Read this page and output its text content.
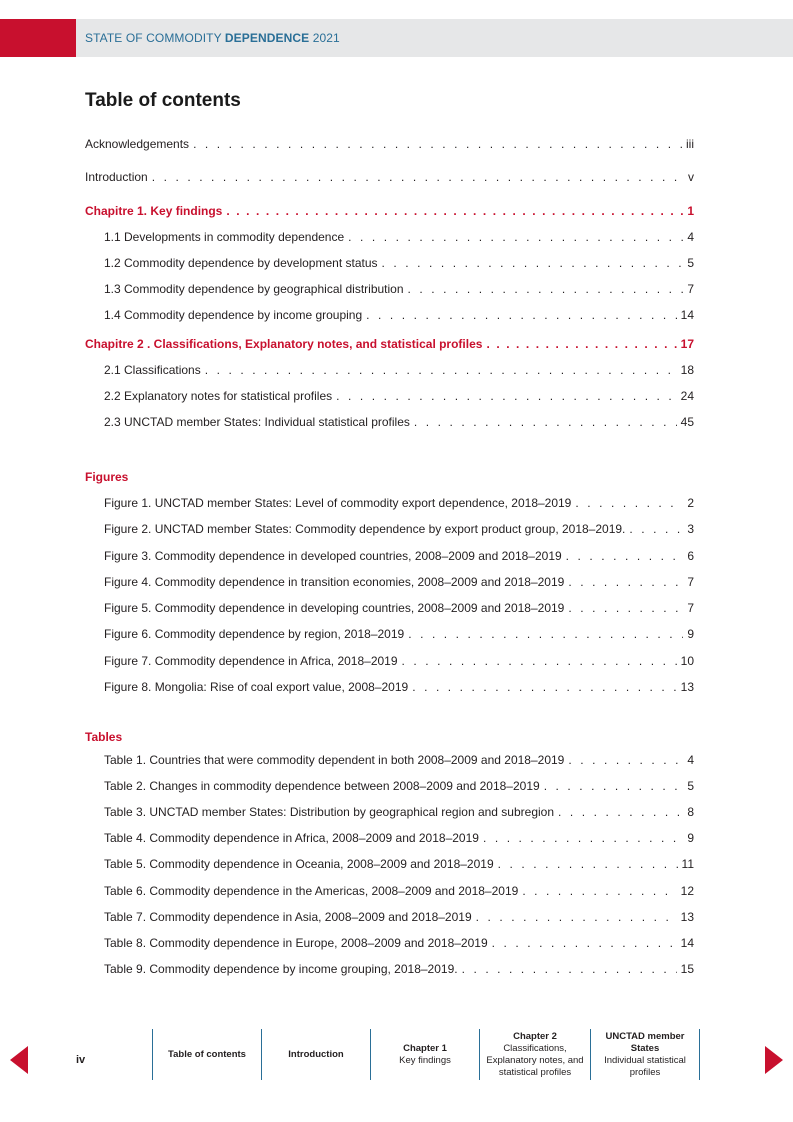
STATE OF COMMODITY DEPENDENCE 2021
Table of contents
Acknowledgements . . .	iii
Introduction . . .	v
Chapitre 1. Key findings . . .	1
1.1 Developments in commodity dependence . . .	4
1.2 Commodity dependence by development status . . .	5
1.3 Commodity dependence by geographical distribution . . .	7
1.4 Commodity dependence by income grouping . . .	14
Chapitre 2 . Classifications, Explanatory notes, and statistical profiles . . .	17
2.1 Classifications . . .	18
2.2 Explanatory notes for statistical profiles . . .	24
2.3 UNCTAD member States: Individual statistical profiles . . .	45
Figures
Figure 1. UNCTAD member States: Level of commodity export dependence, 2018–2019 . . .	2
Figure 2. UNCTAD member States: Commodity dependence by export product group, 2018–2019. . . .	3
Figure 3. Commodity dependence in developed countries, 2008–2009 and 2018–2019 . . .	6
Figure 4. Commodity dependence in transition economies, 2008–2009 and 2018–2019 . . .	7
Figure 5. Commodity dependence in developing countries, 2008–2009 and 2018–2019 . . .	7
Figure 6. Commodity dependence by region, 2018–2019 . . .	9
Figure 7. Commodity dependence in Africa, 2018–2019 . . .	10
Figure 8. Mongolia: Rise of coal export value, 2008–2019 . . .	13
Tables
Table 1. Countries that were commodity dependent in both 2008–2009 and 2018–2019 . . .	4
Table 2. Changes in commodity dependence between 2008–2009 and 2018–2019 . . .	5
Table 3. UNCTAD member States: Distribution by geographical region and subregion . . .	8
Table 4. Commodity dependence in Africa, 2008–2009 and 2018–2019 . . .	9
Table 5. Commodity dependence in Oceania, 2008–2009 and 2018–2019 . . .	11
Table 6. Commodity dependence in the Americas, 2008–2009 and 2018–2019 . . .	12
Table 7. Commodity dependence in Asia, 2008–2009 and 2018–2019 . . .	13
Table 8. Commodity dependence in Europe, 2008–2009 and 2018–2019 . . .	14
Table 9. Commodity dependence by income grouping, 2018–2019. . . .	15
iv	Table of contents	Introduction
Chapter 1
Key findings
Chapter 2
Classifications,
Explanatory notes, and
statistical profiles
UNCTAD member States
Individual statistical
profiles
